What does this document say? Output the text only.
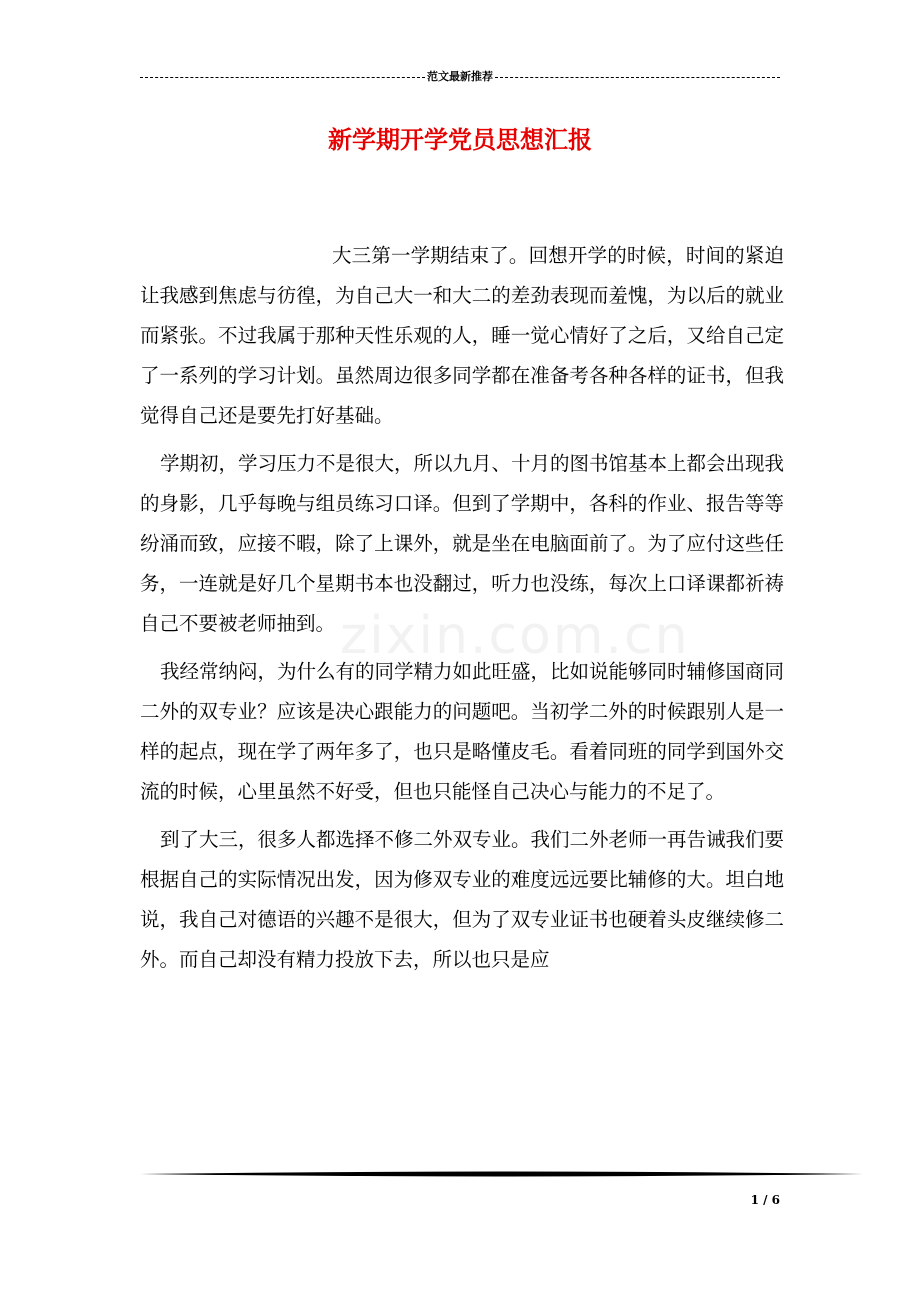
范文最新推荐
新学期开学党员思想汇报
zixin.com.cn

大三第一学期结束了。回想开学的时候，时间的紧迫让我感到焦虑与彷徨，为自己大一和大二的差劲表现而羞愧，为以后的就业而紧张。不过我属于那种天性乐观的人，睡一觉心情好了之后，又给自己定了一系列的学习计划。虽然周边很多同学都在准备考各种各样的证书，但我觉得自己还是要先打好基础。

学期初，学习压力不是很大，所以九月、十月的图书馆基本上都会出现我的身影，几乎每晚与组员练习口译。但到了学期中，各科的作业、报告等等纷涌而致，应接不暇，除了上课外，就是坐在电脑面前了。为了应付这些任务，一连就是好几个星期书本也没翻过，听力也没练，每次上口译课都祈祷自己不要被老师抽到。

我经常纳闷，为什么有的同学精力如此旺盛，比如说能够同时辅修国商同二外的双专业？应该是决心跟能力的问题吧。当初学二外的时候跟别人是一样的起点，现在学了两年多了，也只是略懂皮毛。看着同班的同学到国外交流的时候，心里虽然不好受，但也只能怪自己决心与能力的不足了。

到了大三，很多人都选择不修二外双专业。我们二外老师一再告诫我们要根据自己的实际情况出发，因为修双专业的难度远远要比辅修的大。坦白地说，我自己对德语的兴趣不是很大，但为了双专业证书也硬着头皮继续修二外。而自己却没有精力投放下去，所以也只是应

1 / 6
